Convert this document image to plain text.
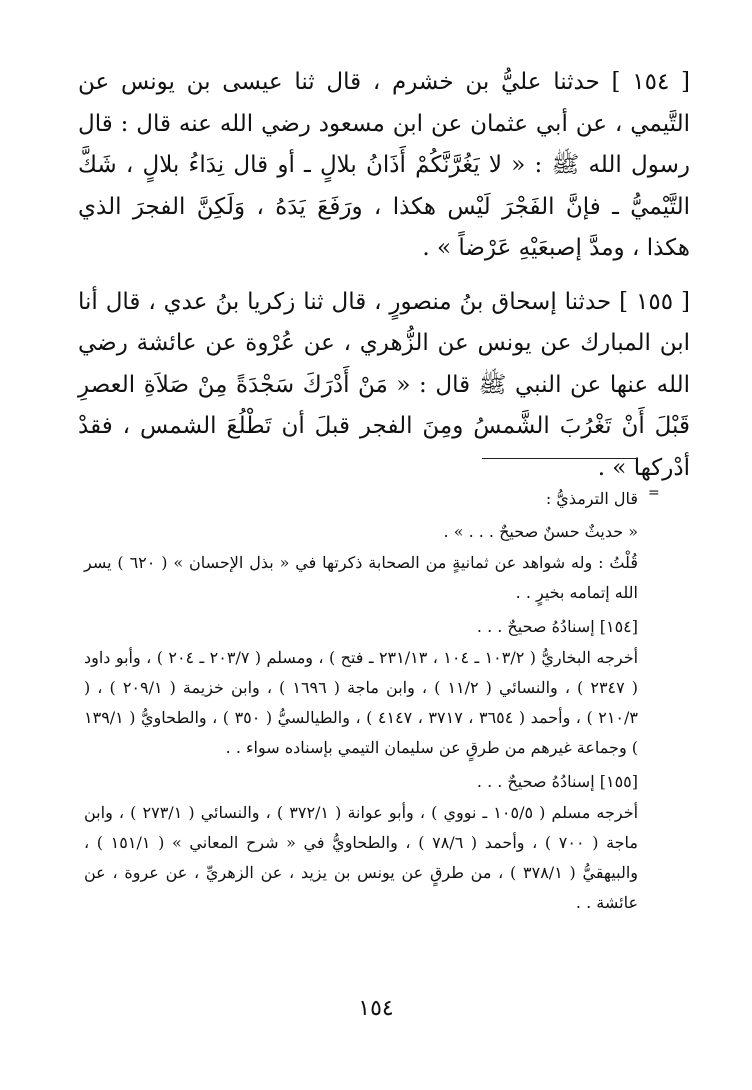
[ ١٥٤ ] حدثنا عليُّ بن خشرم ، قال ثنا عيسى بن يونس عن التَّيمي ، عن أبي عثمان عن ابن مسعود رضي الله عنه قال : قال رسول الله ﷺ : « لا يَغُرَّنَّكُمْ أَذَانُ بلالٍ ـ أو قال نِدَاءُ بلالٍ ، شَكَّ التَّيْميُّ ـ فإنَّ الفَجْرَ لَيْس هكذا ، ورَفَعَ يَدَهُ ، وَلَكِنَّ الفجرَ الذي هكذا ، ومدَّ إصبعَيْهِ عَرْضاً » .

[ ١٥٥ ] حدثنا إسحاق بنُ منصورٍ ، قال ثنا زكريا بنُ عدي ، قال أنا ابن المبارك عن يونس عن الزُّهري ، عن عُرْوة عن عائشة رضي الله عنها عن النبي ﷺ قال : « مَنْ أَدْرَكَ سَجْدَةً مِنْ صَلاَةِ العصرِ قَبْلَ أَنْ تَغْرُبَ الشَّمسُ ومِنَ الفجر قبلَ أن تَطْلُعَ الشمس ، فقدْ أدْركها » .

=

قال الترمذيُّ :

« حديثٌ حسنٌ صحيحٌ . . . » .

قُلْتُ : وله شواهد عن ثمانيةٍ من الصحابة ذكرتها في « بذل الإحسان » ( ٦٢٠ ) يسر الله إتمامه بخيرٍ . .

[١٥٤] إسنادُهُ صحيحٌ . . .

أخرجه البخاريُّ ( ١٠٣/٢ ـ ١٠٤ ، ٢٣١/١٣ ـ فتح ) ، ومسلم ( ٢٠٣/٧ ـ ٢٠٤ ) ، وأبو داود ( ٢٣٤٧ ) ، والنسائي ( ١١/٢ ) ، وابن ماجة ( ١٦٩٦ ) ، وابن خزيمة ( ٢٠٩/١ ) ، ( ٢١٠/٣ ) ، وأحمد ( ٣٦٥٤ ، ٣٧١٧ ، ٤١٤٧ ) ، والطيالسيُّ ( ٣٥٠ ) ، والطحاويُّ ( ١٣٩/١ ) وجماعة غيرهم من طرقٍ عن سليمان التيمي بإسناده سواء . .

[١٥٥] إسنادُهُ صحيحٌ . . .

أخرجه مسلم ( ١٠٥/٥ ـ نووي ) ، وأبو عوانة ( ٣٧٢/١ ) ، والنسائي ( ٢٧٣/١ ) ، وابن ماجة ( ٧٠٠ ) ، وأحمد ( ٧٨/٦ ) ، والطحاويُّ في « شرح المعاني » ( ١٥١/١ ) ، والبيهقيُّ ( ٣٧٨/١ ) ، من طرقٍ عن يونس بن يزيد ، عن الزهريِّ ، عن عروة ، عن عائشة . .

١٥٤
